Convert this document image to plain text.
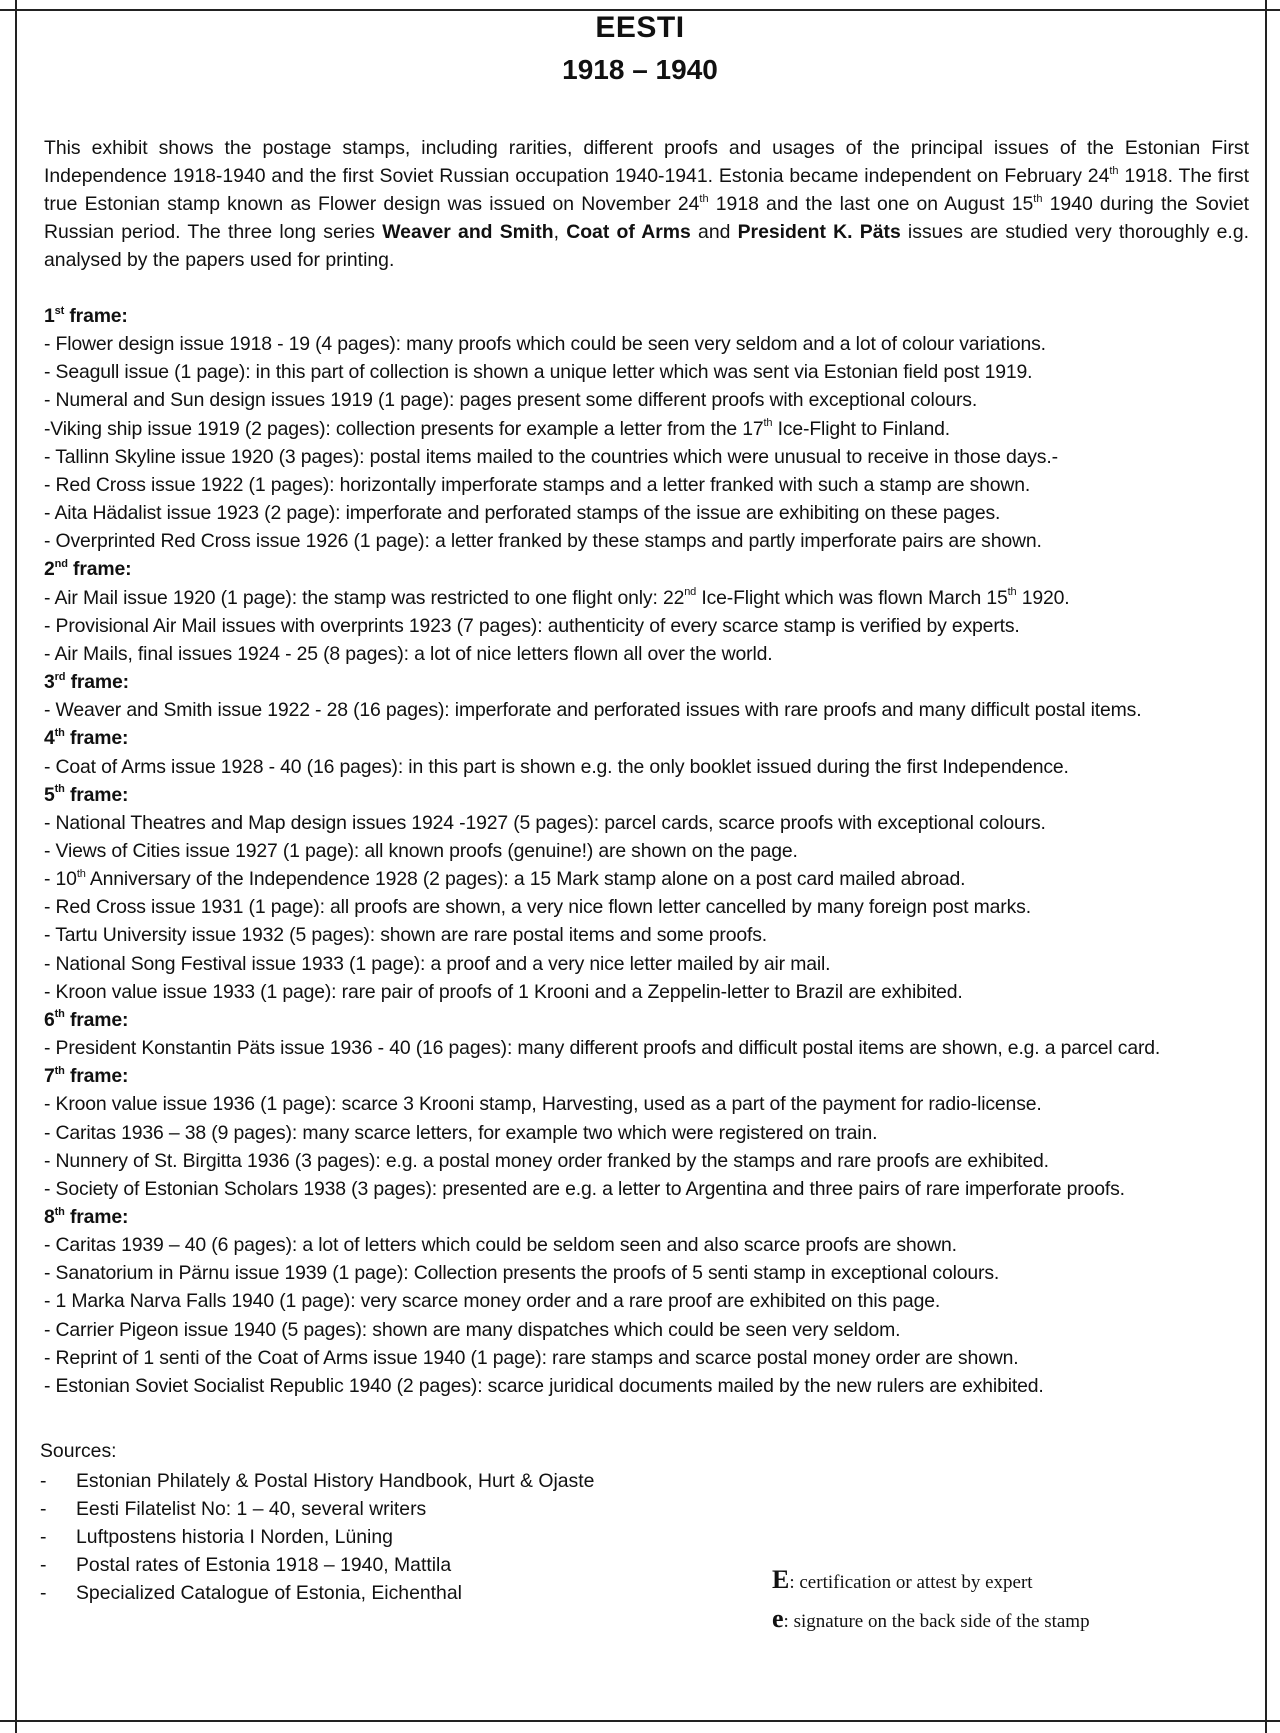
EESTI
1918 – 1940

This exhibit shows the postage stamps, including rarities, different proofs and usages of the principal issues of the Estonian First Independence 1918-1940 and the first Soviet Russian occupation 1940-1941. Estonia became independent on February 24th 1918. The first true Estonian stamp known as Flower design was issued on November 24th 1918 and the last one on August 15th 1940 during the Soviet Russian period. The three long series Weaver and Smith, Coat of Arms and President K. Päts issues are studied very thoroughly e.g. analysed by the papers used for printing.

1st frame:
- Flower design issue 1918 - 19 (4 pages): many proofs which could be seen very seldom and a lot of colour variations.
- Seagull issue (1 page): in this part of collection is shown a unique letter which was sent via Estonian field post 1919.
- Numeral and Sun design issues 1919 (1 page): pages present some different proofs with exceptional colours.
-Viking ship issue 1919 (2 pages): collection presents for example a letter from the 17th Ice-Flight to Finland.
- Tallinn Skyline issue 1920 (3 pages): postal items mailed to the countries which were unusual to receive in those days.-
- Red Cross issue 1922 (1 pages): horizontally imperforate stamps and a letter franked with such a stamp are shown.
- Aita Hädalist issue 1923 (2 page): imperforate and perforated stamps of the issue are exhibiting on these pages.
- Overprinted Red Cross issue 1926 (1 page): a letter franked by these stamps and partly imperforate pairs are shown.
2nd frame:
- Air Mail issue 1920 (1 page): the stamp was restricted to one flight only: 22nd Ice-Flight which was flown March 15th 1920.
- Provisional Air Mail issues with overprints 1923 (7 pages): authenticity of every scarce stamp is verified by experts.
- Air Mails, final issues 1924 - 25 (8 pages): a lot of nice letters flown all over the world.
3rd frame:
- Weaver and Smith issue 1922 - 28 (16 pages): imperforate and perforated issues with rare proofs and many difficult postal items.
4th frame:
- Coat of Arms issue 1928 - 40 (16 pages): in this part is shown e.g. the only booklet issued during the first Independence.
5th frame:
- National Theatres and Map design issues 1924 -1927 (5 pages): parcel cards, scarce proofs with exceptional colours.
- Views of Cities issue 1927 (1 page): all known proofs (genuine!) are shown on the page.
- 10th Anniversary of the Independence 1928 (2 pages): a 15 Mark stamp alone on a post card mailed abroad.
- Red Cross issue 1931 (1 page): all proofs are shown, a very nice flown letter cancelled by many foreign post marks.
- Tartu University issue 1932 (5 pages): shown are rare postal items and some proofs.
- National Song Festival issue 1933 (1 page): a proof and a very nice letter mailed by air mail.
- Kroon value issue 1933 (1 page): rare pair of proofs of 1 Krooni and a Zeppelin-letter to Brazil are exhibited.
6th frame:
- President Konstantin Päts issue 1936 - 40 (16 pages): many different proofs and difficult postal items are shown, e.g. a parcel card.
7th frame:
- Kroon value issue 1936 (1 page): scarce 3 Krooni stamp, Harvesting, used as a part of the payment for radio-license.
- Caritas 1936 – 38 (9 pages): many scarce letters, for example two which were registered on train.
- Nunnery of St. Birgitta 1936 (3 pages): e.g. a postal money order franked by the stamps and rare proofs are exhibited.
- Society of Estonian Scholars 1938 (3 pages): presented are e.g. a letter to Argentina and three pairs of rare imperforate proofs.
8th frame:
- Caritas 1939 – 40 (6 pages): a lot of letters which could be seldom seen and also scarce proofs are shown.
- Sanatorium in Pärnu issue 1939 (1 page): Collection presents the proofs of 5 senti stamp in exceptional colours.
- 1 Marka Narva Falls 1940 (1 page): very scarce money order and a rare proof are exhibited on this page.
- Carrier Pigeon issue 1940 (5 pages): shown are many dispatches which could be seen very seldom.
- Reprint of 1 senti of the Coat of Arms issue 1940 (1 page): rare stamps and scarce postal money order are shown.
- Estonian Soviet Socialist Republic 1940 (2 pages): scarce juridical documents mailed by the new rulers are exhibited.
Sources:
- Estonian Philately & Postal History Handbook, Hurt & Ojaste
- Eesti Filatelist No: 1 – 40, several writers
- Luftpostens historia I Norden, Lüning
- Postal rates of Estonia 1918 – 1940, Mattila
- Specialized Catalogue of Estonia, Eichenthal	E: certification or attest by expert
e: signature on the back side of the stamp
